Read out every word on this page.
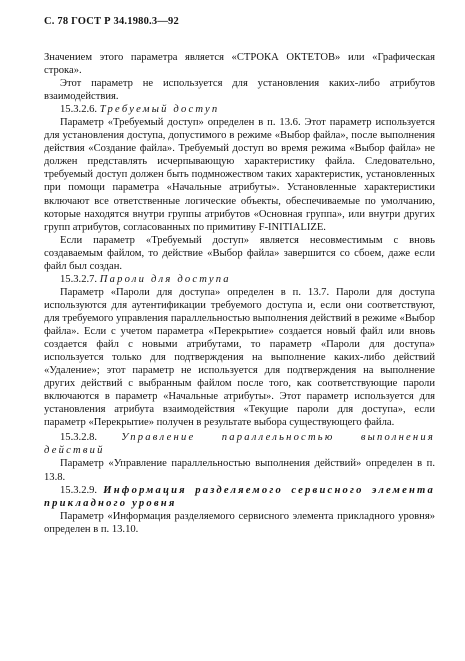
С. 78 ГОСТ Р 34.1980.3—92

Значением этого параметра является «СТРОКА ОКТЕТОВ» или «Графическая строка».

Этот параметр не используется для установления каких-либо атрибутов взаимодействия.

15.3.2.6. Требуемый доступ

Параметр «Требуемый доступ» определен в п. 13.6. Этот параметр используется для установления доступа, допустимого в режиме «Выбор файла», после выполнения действия «Создание файла». Требуемый доступ во время режима «Выбор файла» не должен представлять исчерпывающую характеристику файла. Следовательно, требуемый доступ должен быть подмножеством таких характеристик, установленных при помощи параметра «Начальные атрибуты». Установленные характеристики включают все ответственные логические объекты, обеспечиваемые по умолчанию, которые находятся внутри группы атрибутов «Основная группа», или внутри других групп атрибутов, согласованных по примитиву F-INITIALIZE.

Если параметр «Требуемый доступ» является несовместимым с вновь создаваемым файлом, то действие «Выбор файла» завершится со сбоем, даже если файл был создан.

15.3.2.7. Пароли для доступа

Параметр «Пароли для доступа» определен в п. 13.7. Пароли для доступа используются для аутентификации требуемого доступа и, если они соответствуют, для требуемого управления параллельностью выполнения действий в режиме «Выбор файла». Если с учетом параметра «Перекрытие» создается новый файл или вновь создается файл с новыми атрибутами, то параметр «Пароли для доступа» используется только для подтверждения на выполнение каких-либо действий «Удаление»; этот параметр не используется для подтверждения на выполнение других действий с выбранным файлом после того, как соответствующие пароли включаются в параметр «Начальные атрибуты». Этот параметр используется для установления атрибута взаимодействия «Текущие пароли для доступа», если параметр «Перекрытие» получен в результате выбора существующего файла.

15.3.2.8. Управление параллельностью выполнения действий

Параметр «Управление параллельностью выполнения действий» определен в п. 13.8.

15.3.2.9. Информация разделяемого сервисного элемента прикладного уровня

Параметр «Информация разделяемого сервисного элемента прикладного уровня» определен в п. 13.10.
